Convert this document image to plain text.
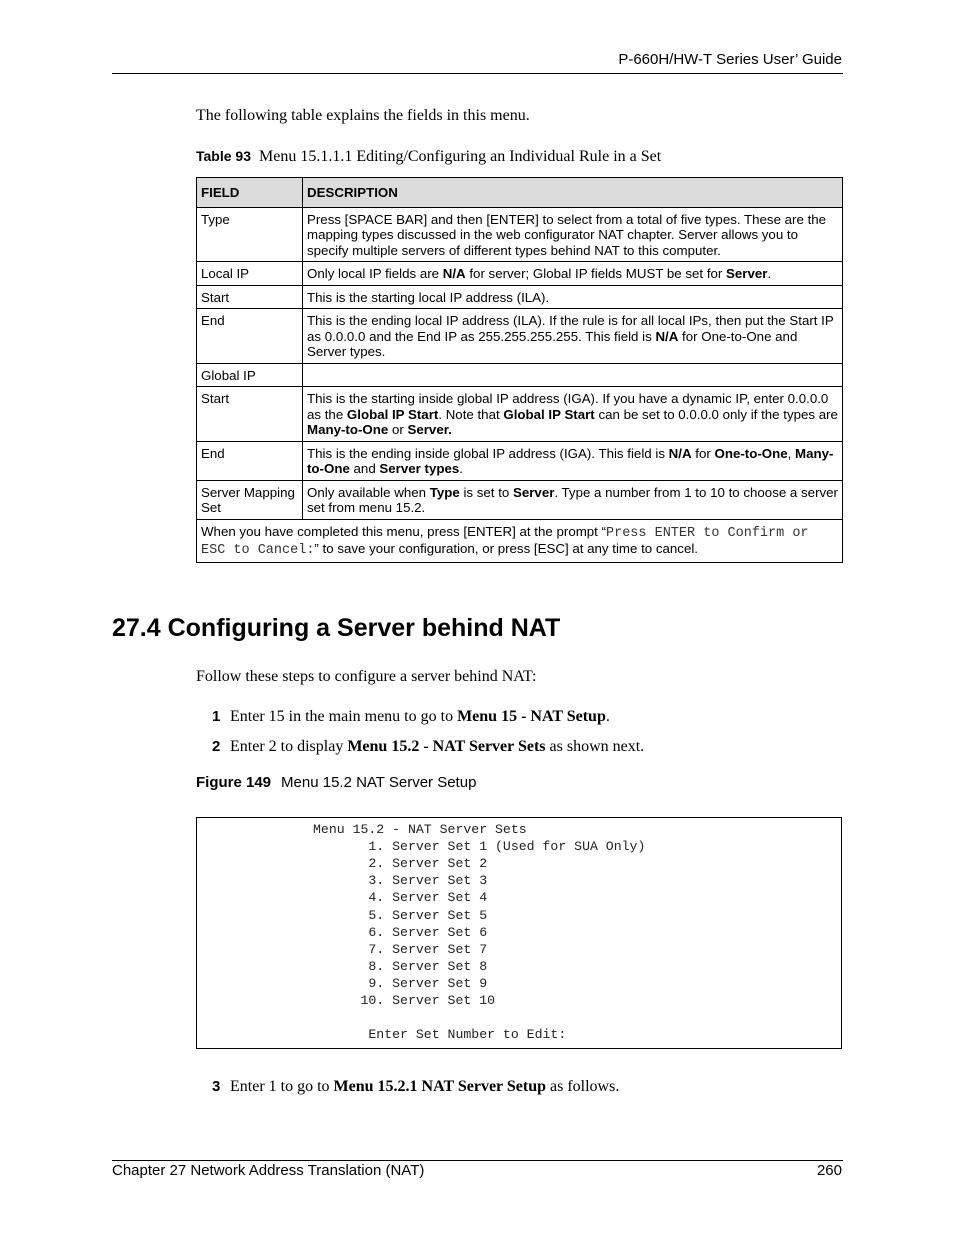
P-660H/HW-T Series User’ Guide
The following table explains the fields in this menu.
Table 93 Menu 15.1.1.1 Editing/Configuring an Individual Rule in a Set
FIELD	DESCRIPTION
Type	Press [SPACE BAR] and then [ENTER] to select from a total of five types. These are the mapping types discussed in the web configurator NAT chapter. Server allows you to specify multiple servers of different types behind NAT to this computer.
Local IP	Only local IP fields are N/A for server; Global IP fields MUST be set for Server.
Start	This is the starting local IP address (ILA).
End	This is the ending local IP address (ILA). If the rule is for all local IPs, then put the Start IP as 0.0.0.0 and the End IP as 255.255.255.255. This field is N/A for One-to-One and Server types.
Global IP	
Start	This is the starting inside global IP address (IGA). If you have a dynamic IP, enter 0.0.0.0 as the Global IP Start. Note that Global IP Start can be set to 0.0.0.0 only if the types are Many-to-One or Server.
End	This is the ending inside global IP address (IGA). This field is N/A for One-to-One, Many-to-One and Server types.
Server Mapping Set	Only available when Type is set to Server. Type a number from 1 to 10 to choose a server set from menu 15.2.
When you have completed this menu, press [ENTER] at the prompt “Press ENTER to Confirm or ESC to Cancel:” to save your configuration, or press [ESC] at any time to cancel.	
27.4 Configuring a Server behind NAT
Follow these steps to configure a server behind NAT:
1 Enter 15 in the main menu to go to Menu 15 - NAT Setup.
2 Enter 2 to display Menu 15.2 - NAT Server Sets as shown next.
Figure 149 Menu 15.2 NAT Server Setup
Menu 15.2 - NAT Server Sets
1. Server Set 1 (Used for SUA Only)
2. Server Set 2
3. Server Set 3
4. Server Set 4
5. Server Set 5
6. Server Set 6
7. Server Set 7
8. Server Set 8
9. Server Set 9
10. Server Set 10
Enter Set Number to Edit:
3 Enter 1 to go to Menu 15.2.1 NAT Server Setup as follows.
Chapter 27 Network Address Translation (NAT)	260
